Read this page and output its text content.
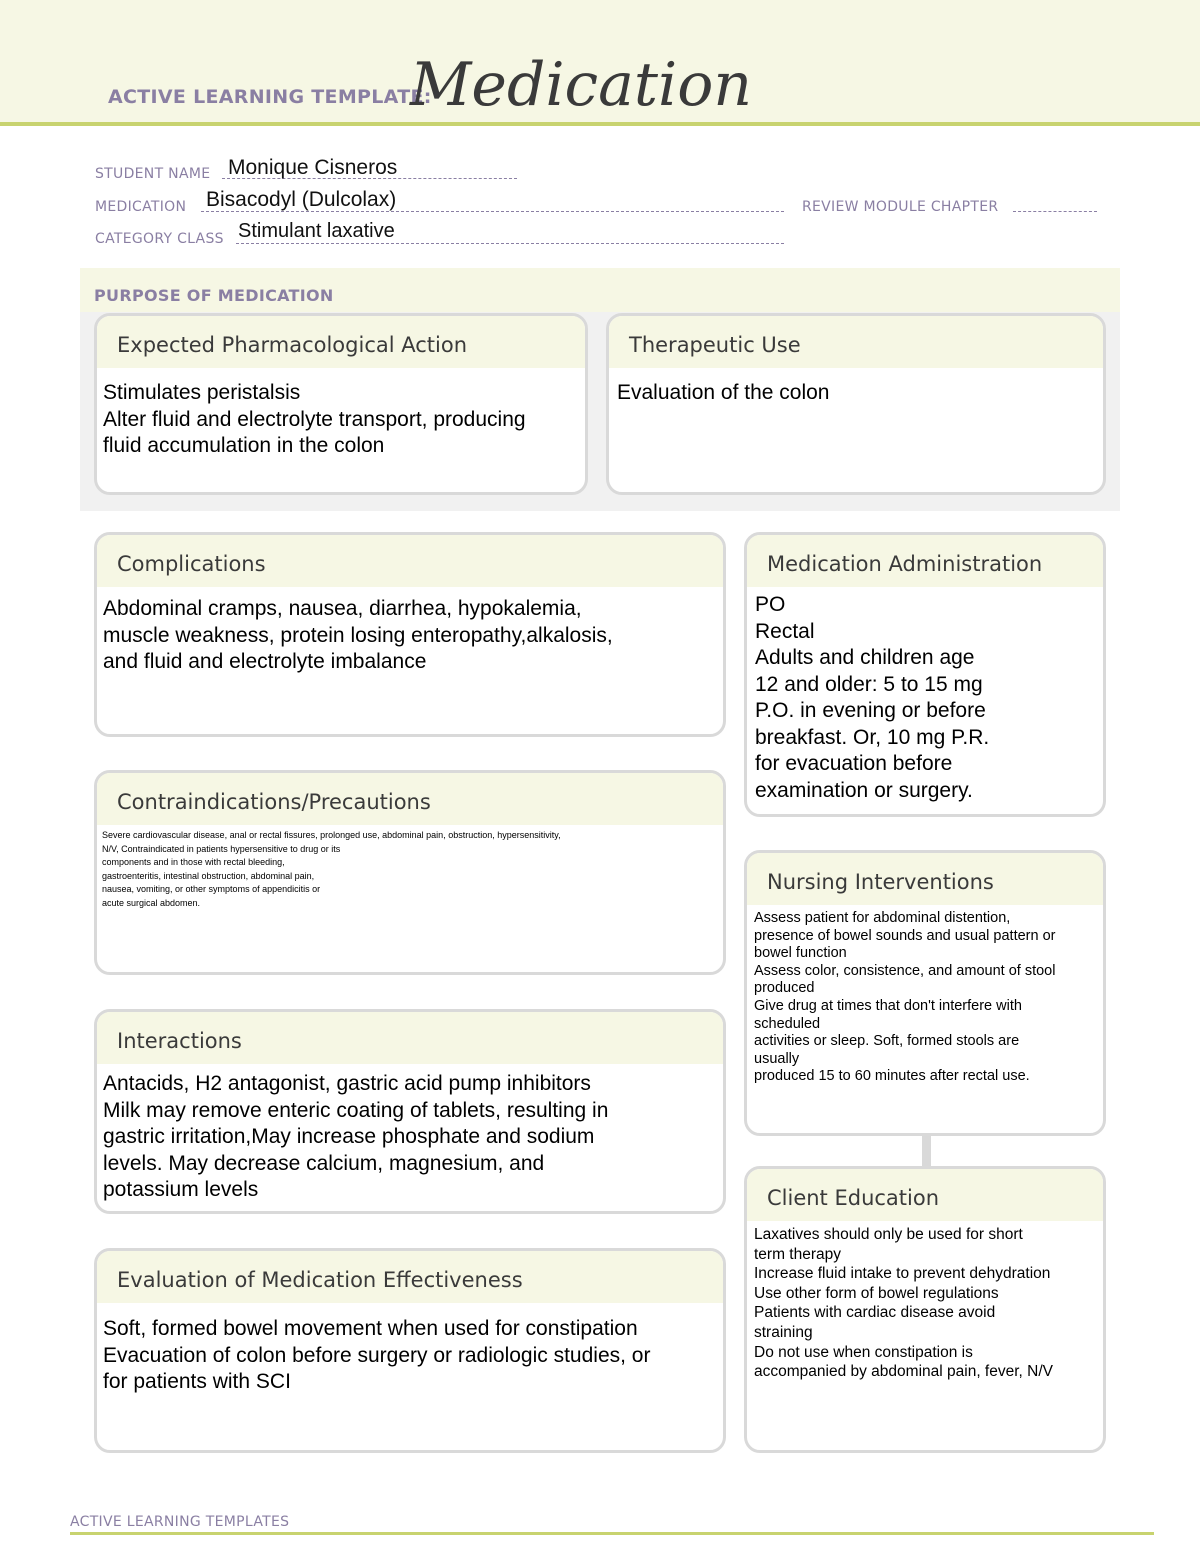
ACTIVE LEARNING TEMPLATE:
Medication
STUDENT NAME Monique Cisneros
MEDICATION Bisacodyl (Dulcolax)	REVIEW MODULE CHAPTER
CATEGORY CLASS Stimulant laxative
PURPOSE OF MEDICATION
Expected Pharmacological Action
Stimulates peristalsis
Alter fluid and electrolyte transport, producing
fluid accumulation in the colon
Therapeutic Use
Evaluation of the colon
Complications
Abdominal cramps, nausea, diarrhea, hypokalemia,
muscle weakness, protein losing enteropathy,alkalosis,
and fluid and electrolyte imbalance
Contraindications/Precautions
Severe cardiovascular disease, anal or rectal fissures, prolonged use, abdominal pain, obstruction, hypersensitivity,
N/V, Contraindicated in patients hypersensitive to drug or its
components and in those with rectal bleeding,
gastroenteritis, intestinal obstruction, abdominal pain,
nausea, vomiting, or other symptoms of appendicitis or
acute surgical abdomen.
Interactions
Antacids, H2 antagonist, gastric acid pump inhibitors
Milk may remove enteric coating of tablets, resulting in
gastric irritation,May increase phosphate and sodium
levels. May decrease calcium, magnesium, and
potassium levels
Evaluation of Medication Effectiveness
Soft, formed bowel movement when used for constipation
Evacuation of colon before surgery or radiologic studies, or
for patients with SCI
Medication Administration
PO
Rectal
Adults and children age
12 and older: 5 to 15 mg
P.O. in evening or before
breakfast. Or, 10 mg P.R.
for evacuation before
examination or surgery.
Nursing Interventions
Assess patient for abdominal distention,
presence of bowel sounds and usual pattern or
bowel function
Assess color, consistence, and amount of stool
produced
Give drug at times that don't interfere with
scheduled
activities or sleep. Soft, formed stools are
usually
produced 15 to 60 minutes after rectal use.
Client Education
Laxatives should only be used for short
term therapy
Increase fluid intake to prevent dehydration
Use other form of bowel regulations
Patients with cardiac disease avoid
straining
Do not use when constipation is
accompanied by abdominal pain, fever, N/V
ACTIVE LEARNING TEMPLATES
